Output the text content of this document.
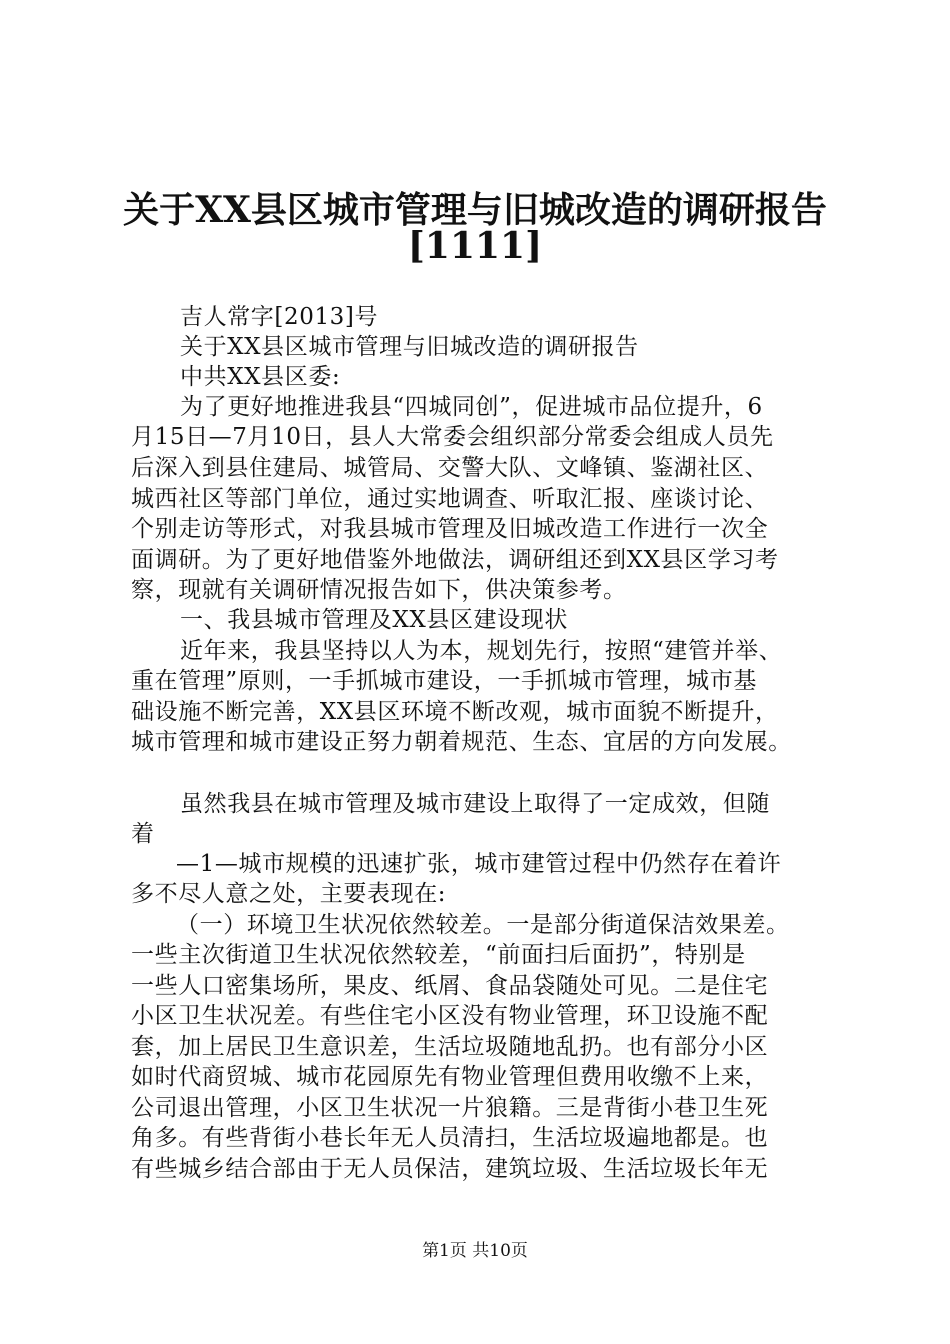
关于XX县区城市管理与旧城改造的调研报告
[1111]
吉人常字[2013]号
关于XX县区城市管理与旧城改造的调研报告
中共XX县区委:
为了更好地推进我县“四城同创”，促进城市品位提升，6
月15日—7月10日，县人大常委会组织部分常委会组成人员先
后深入到县住建局、城管局、交警大队、文峰镇、鉴湖社区、
城西社区等部门单位，通过实地调查、听取汇报、座谈讨论、
个别走访等形式，对我县城市管理及旧城改造工作进行一次全
面调研。为了更好地借鉴外地做法，调研组还到XX县区学习考
察，现就有关调研情况报告如下，供决策参考。
一、我县城市管理及XX县区建设现状
近年来，我县坚持以人为本，规划先行，按照“建管并举、
重在管理”原则，一手抓城市建设，一手抓城市管理，城市基
础设施不断完善，XX县区环境不断改观，城市面貌不断提升，
城市管理和城市建设正努力朝着规范、生态、宜居的方向发展。
虽然我县在城市管理及城市建设上取得了一定成效，但随
着
—1—城市规模的迅速扩张，城市建管过程中仍然存在着许
多不尽人意之处，主要表现在:
（一）环境卫生状况依然较差。一是部分街道保洁效果差。
一些主次街道卫生状况依然较差，“前面扫后面扔”，特别是
一些人口密集场所，果皮、纸屑、食品袋随处可见。二是住宅
小区卫生状况差。有些住宅小区没有物业管理，环卫设施不配
套，加上居民卫生意识差，生活垃圾随地乱扔。也有部分小区
如时代商贸城、城市花园原先有物业管理但费用收缴不上来，
公司退出管理，小区卫生状况一片狼籍。三是背街小巷卫生死
角多。有些背街小巷长年无人员清扫，生活垃圾遍地都是。也
有些城乡结合部由于无人员保洁，建筑垃圾、生活垃圾长年无
第1页 共10页
